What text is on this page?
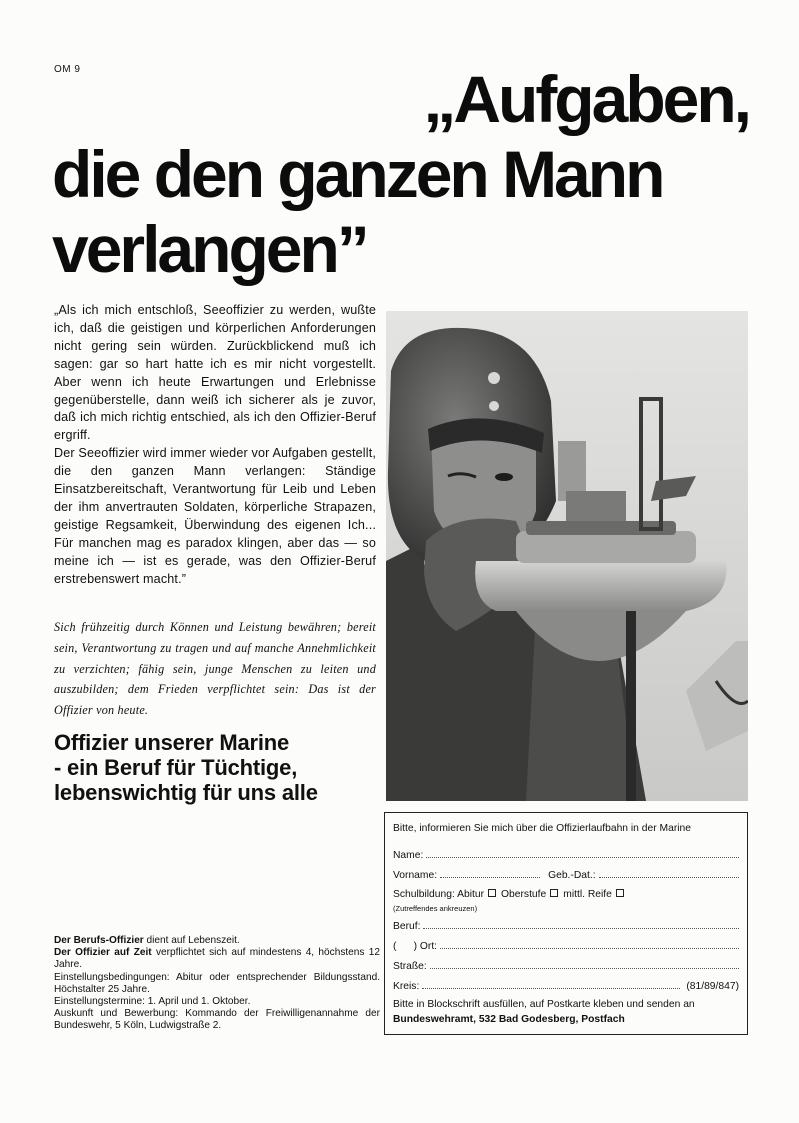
OM 9	„Aufgaben,
die den ganzen Mann
verlangen”

„Als ich mich entschloß, Seeoffizier zu werden, wußte ich, daß die geistigen und körperlichen Anforderungen nicht gering sein würden. Zurückblickend muß ich sagen: gar so hart hatte ich es mir nicht vorgestellt. Aber wenn ich heute Erwartungen und Erlebnisse gegenüberstelle, dann weiß ich sicherer als je zuvor, daß ich mich richtig entschied, als ich den Offizier-Beruf ergriff.

Der Seeoffizier wird immer wieder vor Aufgaben gestellt, die den ganzen Mann verlangen: Ständige Einsatzbereitschaft, Verantwortung für Leib und Leben der ihm anvertrauten Soldaten, körperliche Strapazen, geistige Regsamkeit, Überwindung des eigenen Ich... Für manchen mag es paradox klingen, aber das — so meine ich — ist es gerade, was den Offizier-Beruf erstrebenswert macht.”

Sich frühzeitig durch Können und Leistung bewähren; bereit sein, Verantwortung zu tragen und auf manche Annehmlichkeit zu verzichten; fähig sein, junge Menschen zu leiten und auszubilden; dem Frieden verpflichtet sein: Das ist der Offizier von heute.
Offizier unserer Marine
- ein Beruf für Tüchtige,
lebenswichtig für uns alle
Der Berufs-Offizier dient auf Lebenszeit.
Der Offizier auf Zeit verpflichtet sich auf mindestens 4, höchstens 12 Jahre.
Einstellungsbedingungen: Abitur oder entsprechender Bildungsstand. Höchstalter 25 Jahre.
Einstellungstermine: 1. April und 1. Oktober.
Auskunft und Bewerbung: Kommando der Freiwilligenannahme der Bundeswehr, 5 Köln, Ludwigstraße 2.
Bitte, informieren Sie mich über die Offizierlaufbahn in der Marine
Name:
Vorname:	Geb.-Dat.:
Schulbildung: Abitur Oberstufe mittl. Reife
(Zutreffendes ankreuzen)
Beruf:
(      ) Ort:
Straße:
Kreis:	(81/89/847)
Bitte in Blockschrift ausfüllen, auf Postkarte kleben und senden an
Bundeswehramt, 532 Bad Godesberg, Postfach
